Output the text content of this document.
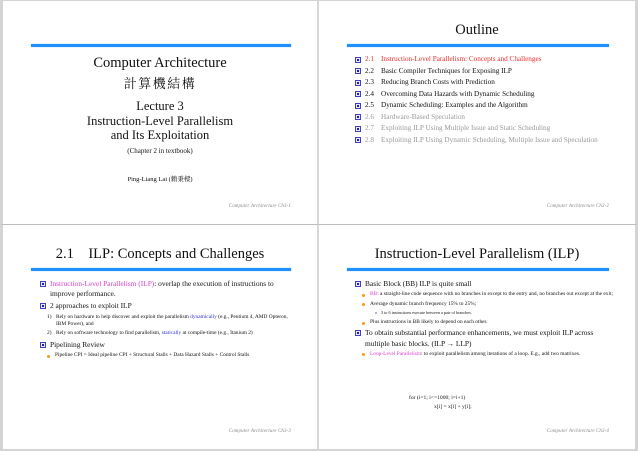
Computer Architecture
計算機結構
Lecture 3
Instruction-Level Parallelism
and Its Exploitation
(Chapter 2 in textbook)
Ping-Liang Lai (賴秉樑)
Computer Architecture Ch3-1
Outline
2.1 Instruction-Level Parallelism: Concepts and Challenges
2.2 Basic Compiler Techniques for Exposing ILP
2.3 Reducing Branch Costs with Prediction
2.4 Overcoming Data Hazards with Dynamic Scheduling
2.5 Dynamic Scheduling: Examples and the Algorithm
2.6 Hardware-Based Speculation
2.7 Exploiting ILP Using Multiple Issue and Static Scheduling
2.8 Exploiting ILP Using Dynamic Scheduling, Multiple Issue and Speculation
Computer Architecture Ch3-2
2.1    ILP: Concepts and Challenges
Instruction-Level Parallelism (ILP): overlap the execution of instructions to improve performance.
2 approaches to exploit ILP
1) Rely on hardware to help discover and exploit the parallelism dynamically (e.g., Pentium 4, AMD Opteron, IBM Power), and
2) Rely on software technology to find parallelism, statically at compile-time (e.g., Itanium 2)
Pipelining Review
Pipeline CPI = Ideal pipeline CPI + Structural Stalls + Data Hazard Stalls + Control Stalls
Computer Architecture Ch3-3
Instruction-Level Parallelism (ILP)
Basic Block (BB) ILP is quite small
BB: a straight-line code sequence with no branches in except to the entry and, no branches out except at the exit;
Average dynamic branch frequency 15% to 25%;
3 to 6 instructions execute between a pair of branches.
Plus instructions in BB likely to depend on each other.
To obtain substantial performance enhancements, we must exploit ILP across multiple basic blocks. (ILP → LLP)
Loop-Level Parallelism: to exploit parallelism among iterations of a loop. E.g., add two matrixes.
for (i=1; i<=1000; i=i+1)
x[i] = x[i] + y[i];
Computer Architecture Ch3-4
